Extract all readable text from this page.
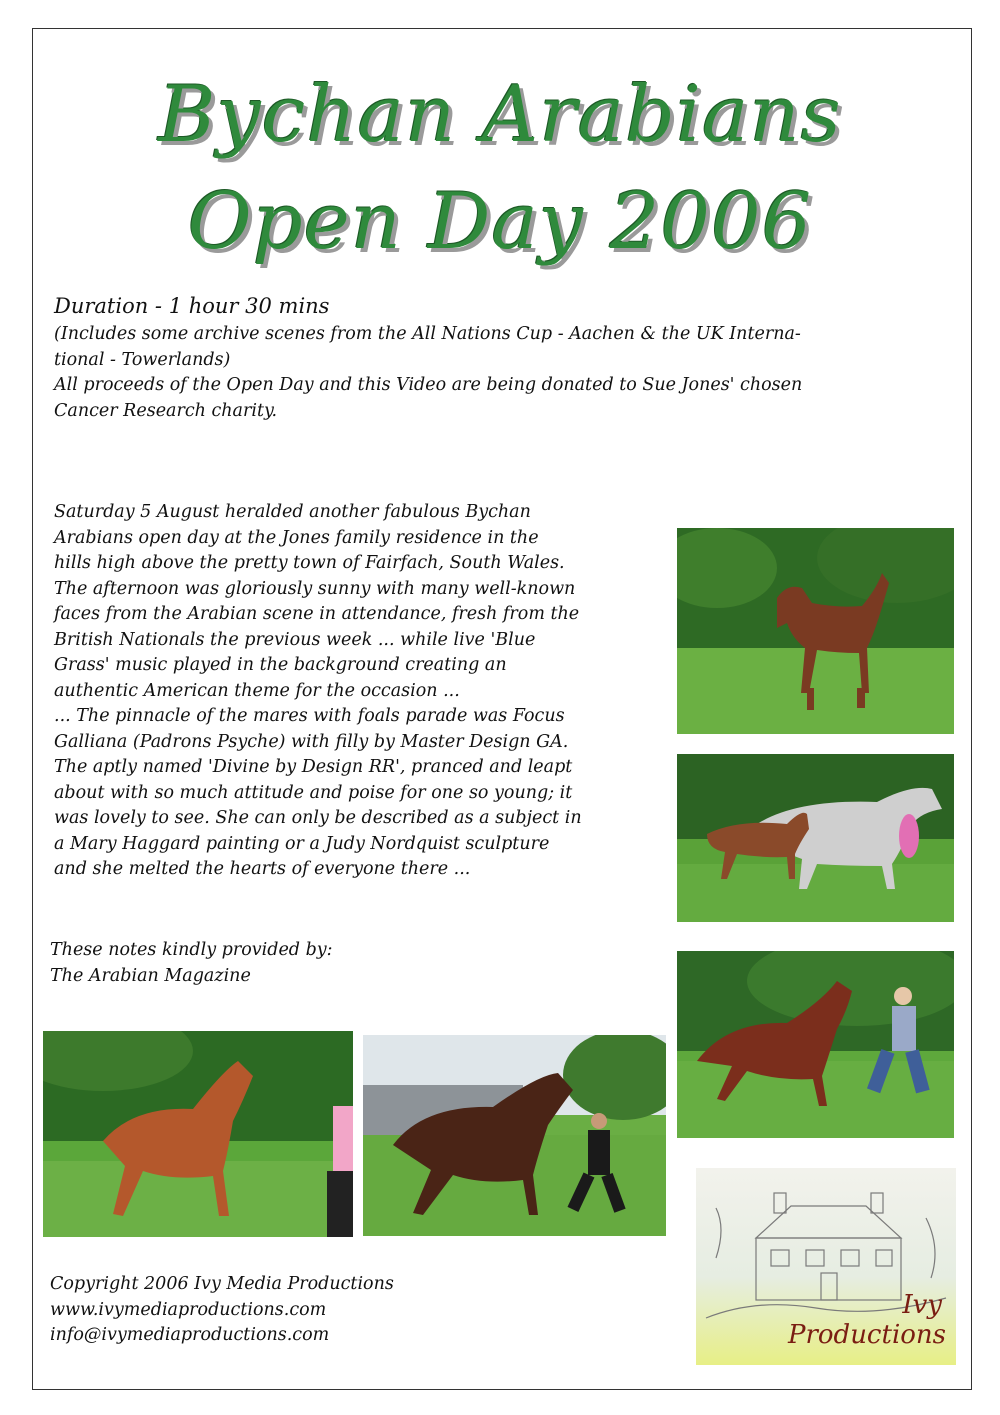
Bychan Arabians
Open Day 2006

Duration - 1 hour 30 mins

(Includes some archive scenes from the All Nations Cup - Aachen & the UK Interna-
tional - Towerlands)
All proceeds of the Open Day and this Video are being donated to Sue Jones' chosen
Cancer Research charity.
Saturday 5 August heralded another fabulous Bychan
Arabians open day at the Jones family residence in the
hills high above the pretty town of Fairfach, South Wales.
The afternoon was gloriously sunny with many well-known
faces from the Arabian scene in attendance, fresh from the
British Nationals the previous week ... while live 'Blue
Grass' music played in the background creating an
authentic American theme for the occasion ...
... The pinnacle of the mares with foals parade was Focus
Galliana (Padrons Psyche) with filly by Master Design GA.
The aptly named 'Divine by Design RR', pranced and leapt
about with so much attitude and poise for one so young; it
was lovely to see. She can only be described as a subject in
a Mary Haggard painting or a Judy Nordquist sculpture
and she melted the hearts of everyone there ...
These notes kindly provided by:
The Arabian Magazine
Copyright 2006 Ivy Media Productions
www.ivymediaproductions.com
info@ivymediaproductions.com
Ivy
Productions
